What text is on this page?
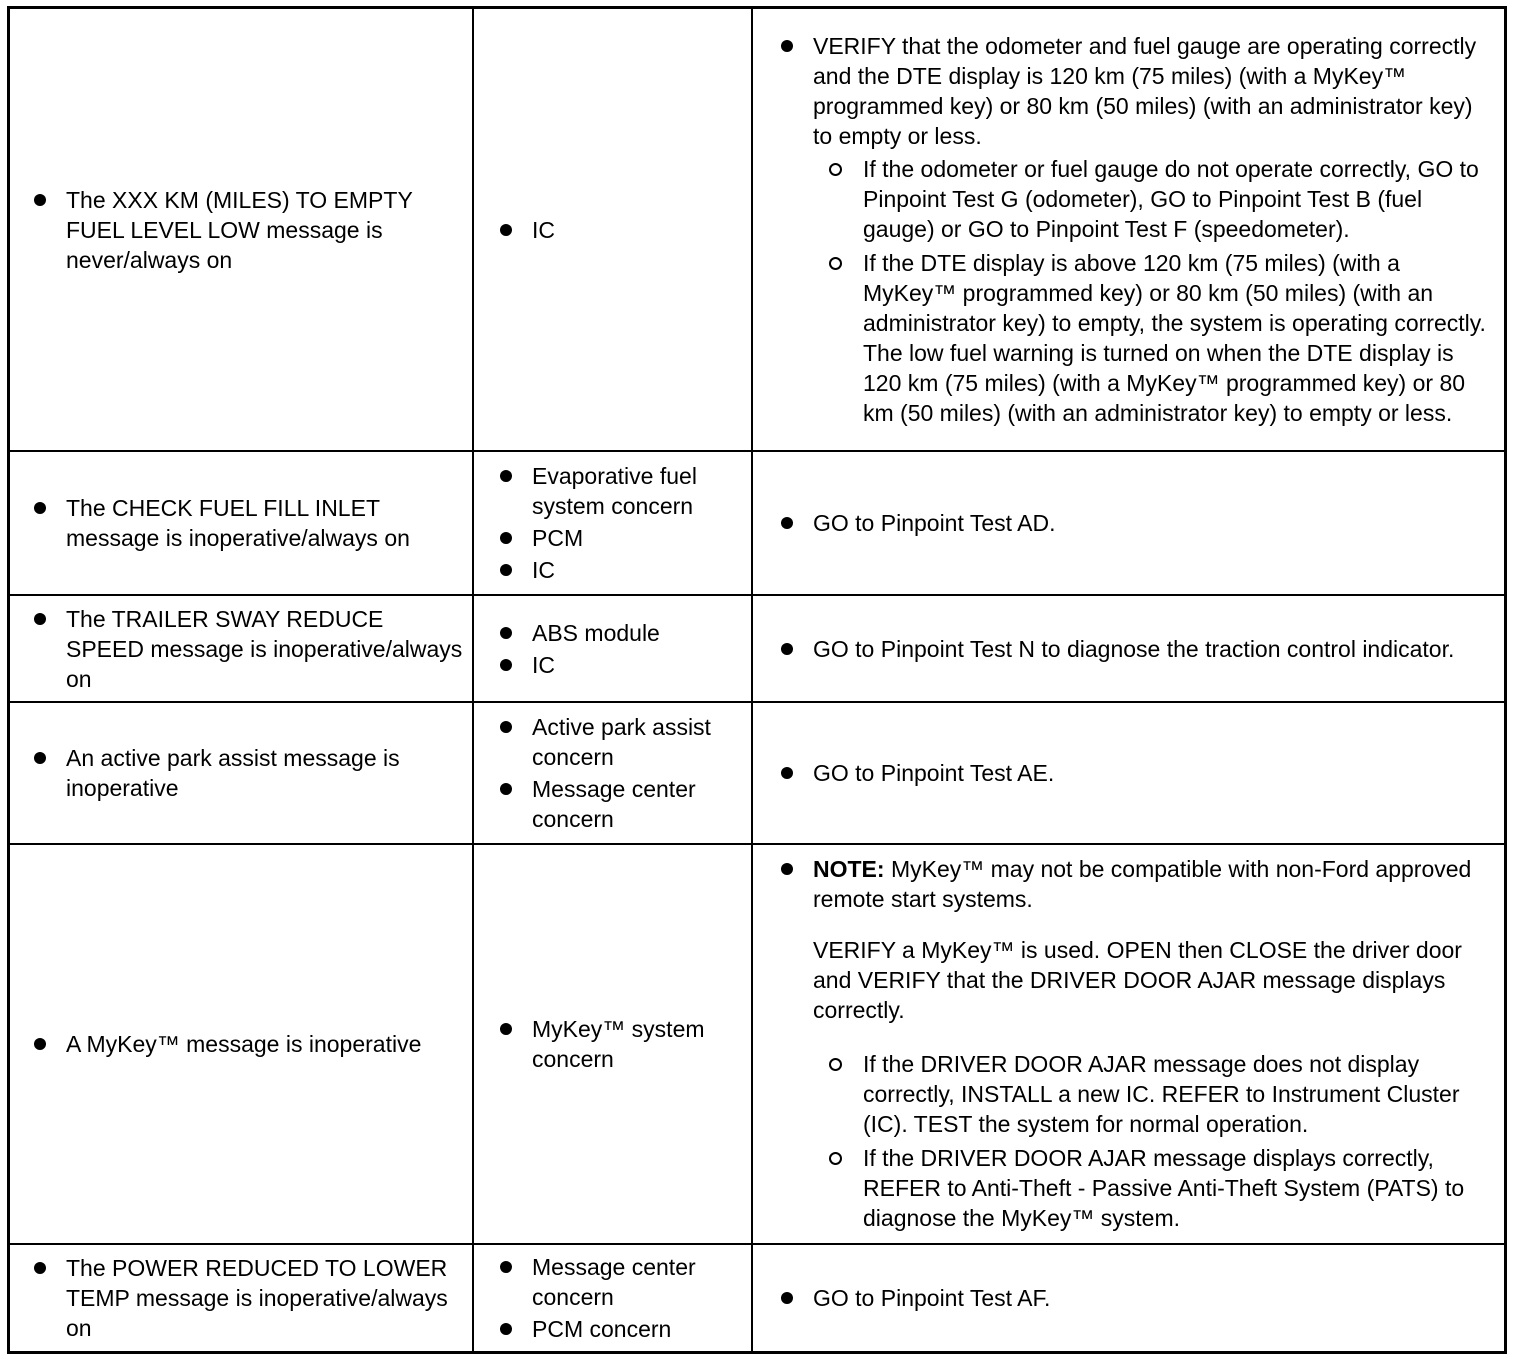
The XXX KM (MILES) TO EMPTY FUEL LEVEL LOW message is never/always on
IC
VERIFY that the odometer and fuel gauge are operating correctly and the DTE display is 120 km (75 miles) (with a MyKey™ programmed key) or 80 km (50 miles) (with an administrator key) to empty or less.
If the odometer or fuel gauge do not operate correctly, GO to Pinpoint Test G (odometer), GO to Pinpoint Test B (fuel gauge) or GO to Pinpoint Test F (speedometer).
If the DTE display is above 120 km (75 miles) (with a MyKey™ programmed key) or 80 km (50 miles) (with an administrator key) to empty, the system is operating correctly. The low fuel warning is turned on when the DTE display is 120 km (75 miles) (with a MyKey™ programmed key) or 80 km (50 miles) (with an administrator key) to empty or less.
The CHECK FUEL FILL INLET message is inoperative/always on
Evaporative fuel system concern
PCM
IC
GO to Pinpoint Test AD.
The TRAILER SWAY REDUCE SPEED message is inoperative/always on
ABS module
IC
GO to Pinpoint Test N to diagnose the traction control indicator.
An active park assist message is inoperative
Active park assist concern
Message center concern
GO to Pinpoint Test AE.
A MyKey™ message is inoperative
MyKey™ system concern
NOTE: MyKey™ may not be compatible with non-Ford approved remote start systems.
VERIFY a MyKey™ is used. OPEN then CLOSE the driver door and VERIFY that the DRIVER DOOR AJAR message displays correctly.
If the DRIVER DOOR AJAR message does not display correctly, INSTALL a new IC. REFER to Instrument Cluster (IC). TEST the system for normal operation.
If the DRIVER DOOR AJAR message displays correctly, REFER to Anti-Theft - Passive Anti-Theft System (PATS) to diagnose the MyKey™ system.
The POWER REDUCED TO LOWER TEMP message is inoperative/always on
Message center concern
PCM concern
GO to Pinpoint Test AF.
